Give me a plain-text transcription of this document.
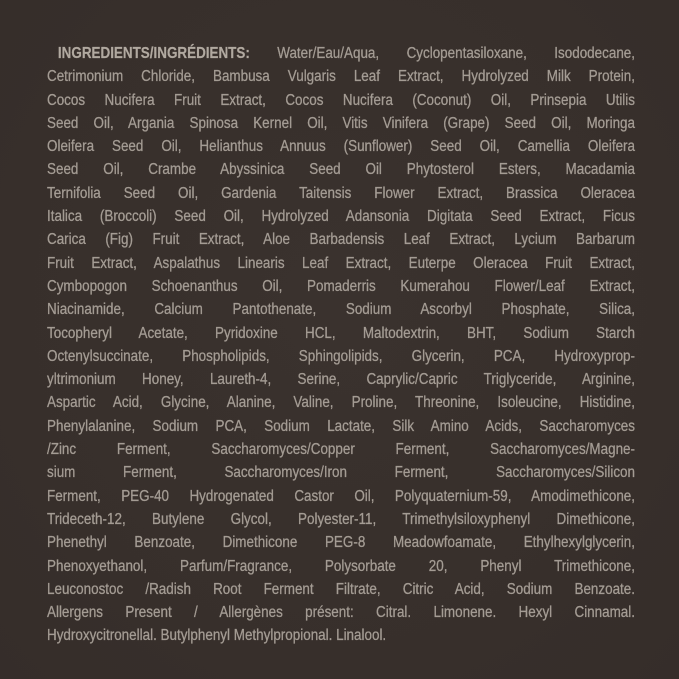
INGREDIENTS/INGRÉDIENTS: Water/Eau/Aqua, Cyclopentasiloxane, Isododecane,
Cetrimonium Chloride, Bambusa Vulgaris Leaf Extract, Hydrolyzed Milk Protein,
Cocos Nucifera Fruit Extract, Cocos Nucifera (Coconut) Oil, Prinsepia Utilis
Seed Oil, Argania Spinosa Kernel Oil, Vitis Vinifera (Grape) Seed Oil, Moringa
Oleifera Seed Oil, Helianthus Annuus (Sunflower) Seed Oil, Camellia Oleifera
Seed Oil, Crambe Abyssinica Seed Oil Phytosterol Esters, Macadamia
Ternifolia Seed Oil, Gardenia Taitensis Flower Extract, Brassica Oleracea
Italica (Broccoli) Seed Oil, Hydrolyzed Adansonia Digitata Seed Extract, Ficus
Carica (Fig) Fruit Extract, Aloe Barbadensis Leaf Extract, Lycium Barbarum
Fruit Extract, Aspalathus Linearis Leaf Extract, Euterpe Oleracea Fruit Extract,
Cymbopogon Schoenanthus Oil, Pomaderris Kumerahou Flower/Leaf Extract,
Niacinamide, Calcium Pantothenate, Sodium Ascorbyl Phosphate, Silica,
Tocopheryl Acetate, Pyridoxine HCL, Maltodextrin, BHT, Sodium Starch
Octenylsuccinate, Phospholipids, Sphingolipids, Glycerin, PCA, Hydroxyprop-
yltrimonium Honey, Laureth-4, Serine, Caprylic/Capric Triglyceride, Arginine,
Aspartic Acid, Glycine, Alanine, Valine, Proline, Threonine, Isoleucine, Histidine,
Phenylalanine, Sodium PCA, Sodium Lactate, Silk Amino Acids, Saccharomyces
/Zinc Ferment, Saccharomyces/Copper Ferment, Saccharomyces/Magne-
sium Ferment, Saccharomyces/Iron Ferment, Saccharomyces/Silicon
Ferment, PEG-40 Hydrogenated Castor Oil, Polyquaternium-59, Amodimethicone,
Trideceth-12, Butylene Glycol, Polyester-11, Trimethylsiloxyphenyl Dimethicone,
Phenethyl Benzoate, Dimethicone PEG-8 Meadowfoamate, Ethylhexylglycerin,
Phenoxyethanol, Parfum/Fragrance, Polysorbate 20, Phenyl Trimethicone,
Leuconostoc /Radish Root Ferment Filtrate, Citric Acid, Sodium Benzoate.
Allergens Present / Allergènes présent: Citral. Limonene. Hexyl Cinnamal.
Hydroxycitronellal. Butylphenyl Methylpropional. Linalool.
